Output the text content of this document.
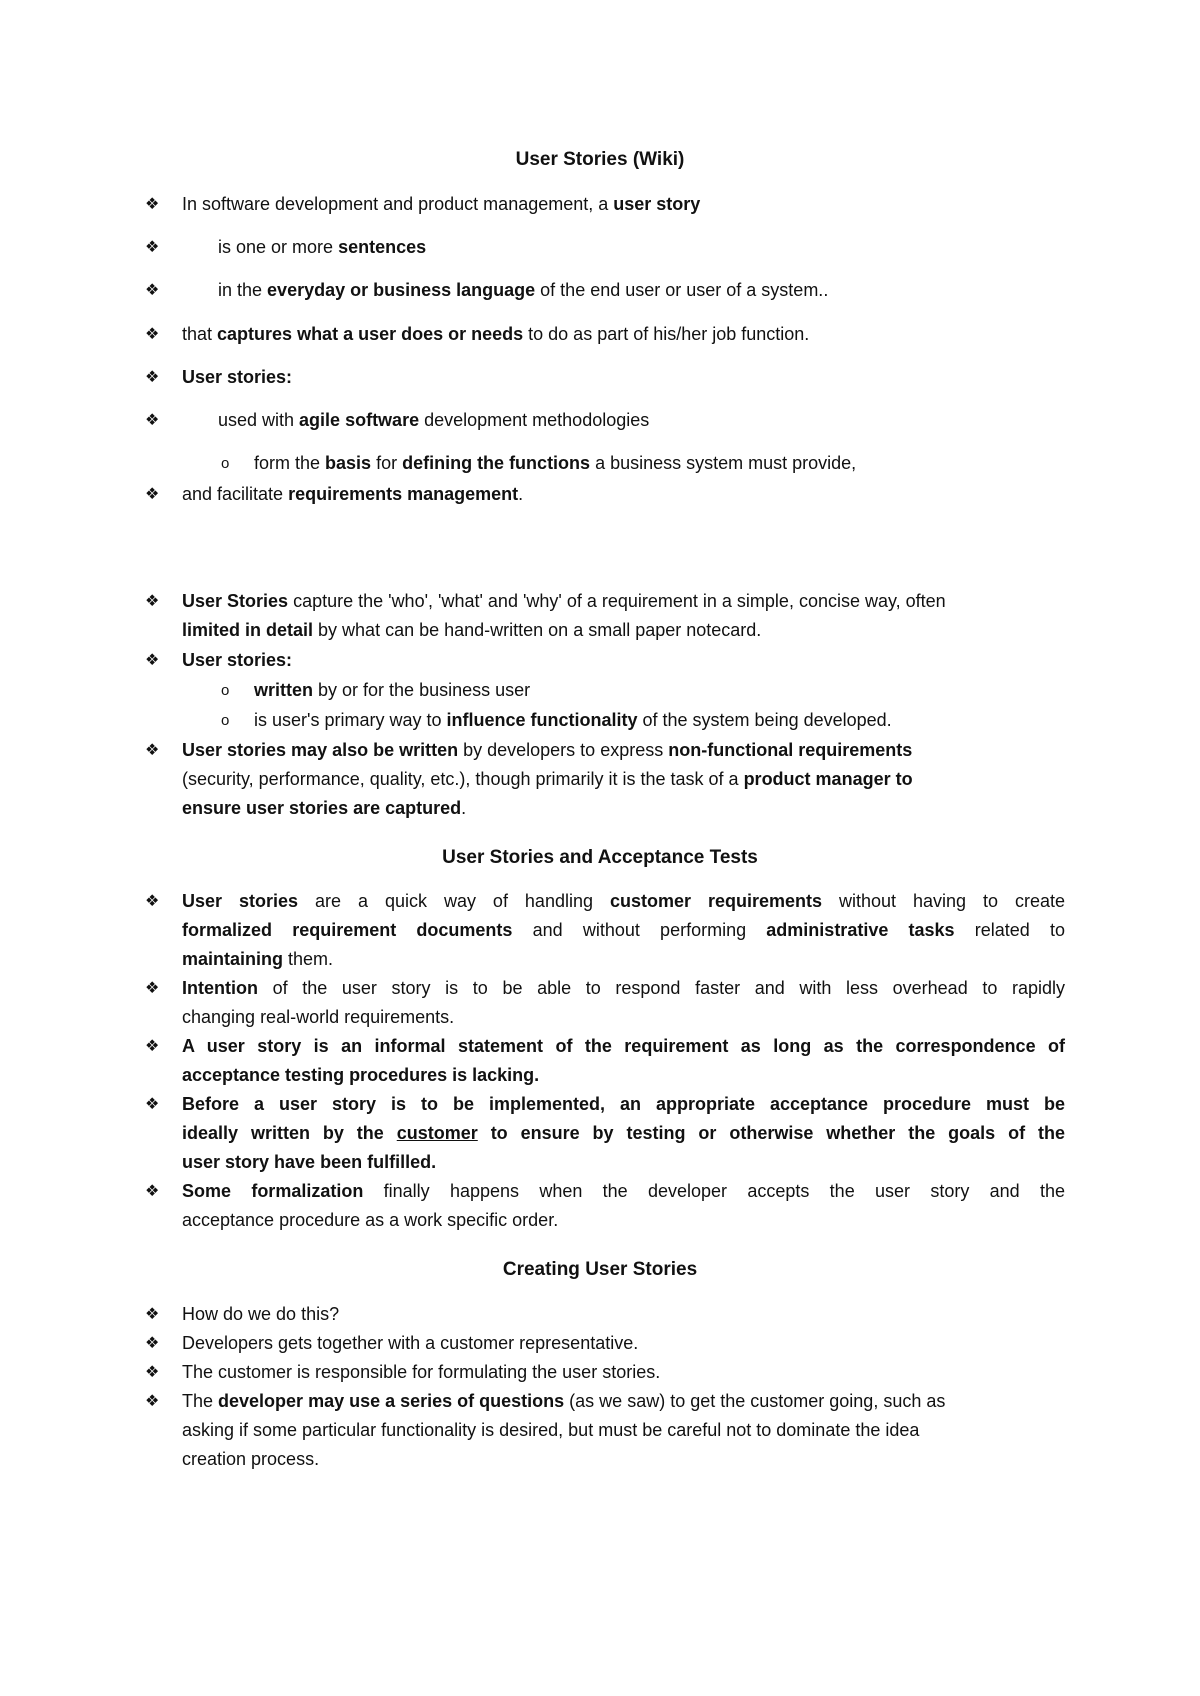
User Stories (Wiki)
❖	In software development and product management, a user story
❖	is one or more sentences
❖	in the everyday or business language of the end user or user of a system..
❖	that captures what a user does or needs to do as part of his/her job function.
❖	User stories:
❖	used with agile software development methodologies
o	form the basis for defining the functions a business system must provide,
❖	and facilitate requirements management.
❖	User Stories capture the 'who', 'what' and 'why' of a requirement in a simple, concise way, often
limited in detail by what can be hand-written on a small paper notecard.
❖	User stories:
o	written by or for the business user
o	is user's primary way to influence functionality of the system being developed.
❖	User stories may also be written by developers to express non-functional requirements
(security, performance, quality, etc.), though primarily it is the task of a product manager to
ensure user stories are captured.
User Stories and Acceptance Tests
❖	User stories are a quick way of handling customer requirements without having to create
formalized requirement documents and without performing administrative tasks related to
maintaining them.
❖	Intention of the user story is to be able to respond faster and with less overhead to rapidly
changing real-world requirements.
❖	A user story is an informal statement of the requirement as long as the correspondence of
acceptance testing procedures is lacking.
❖	Before a user story is to be implemented, an appropriate acceptance procedure must be
ideally written by the customer to ensure by testing or otherwise whether the goals of the
user story have been fulfilled.
❖	Some formalization finally happens when the developer accepts the user story and the
acceptance procedure as a work specific order.
Creating User Stories
❖	How do we do this?
❖	Developers gets together with a customer representative.
❖	The customer is responsible for formulating the user stories.
❖	The developer may use a series of questions (as we saw) to get the customer going, such as
asking if some particular functionality is desired, but must be careful not to dominate the idea
creation process.
